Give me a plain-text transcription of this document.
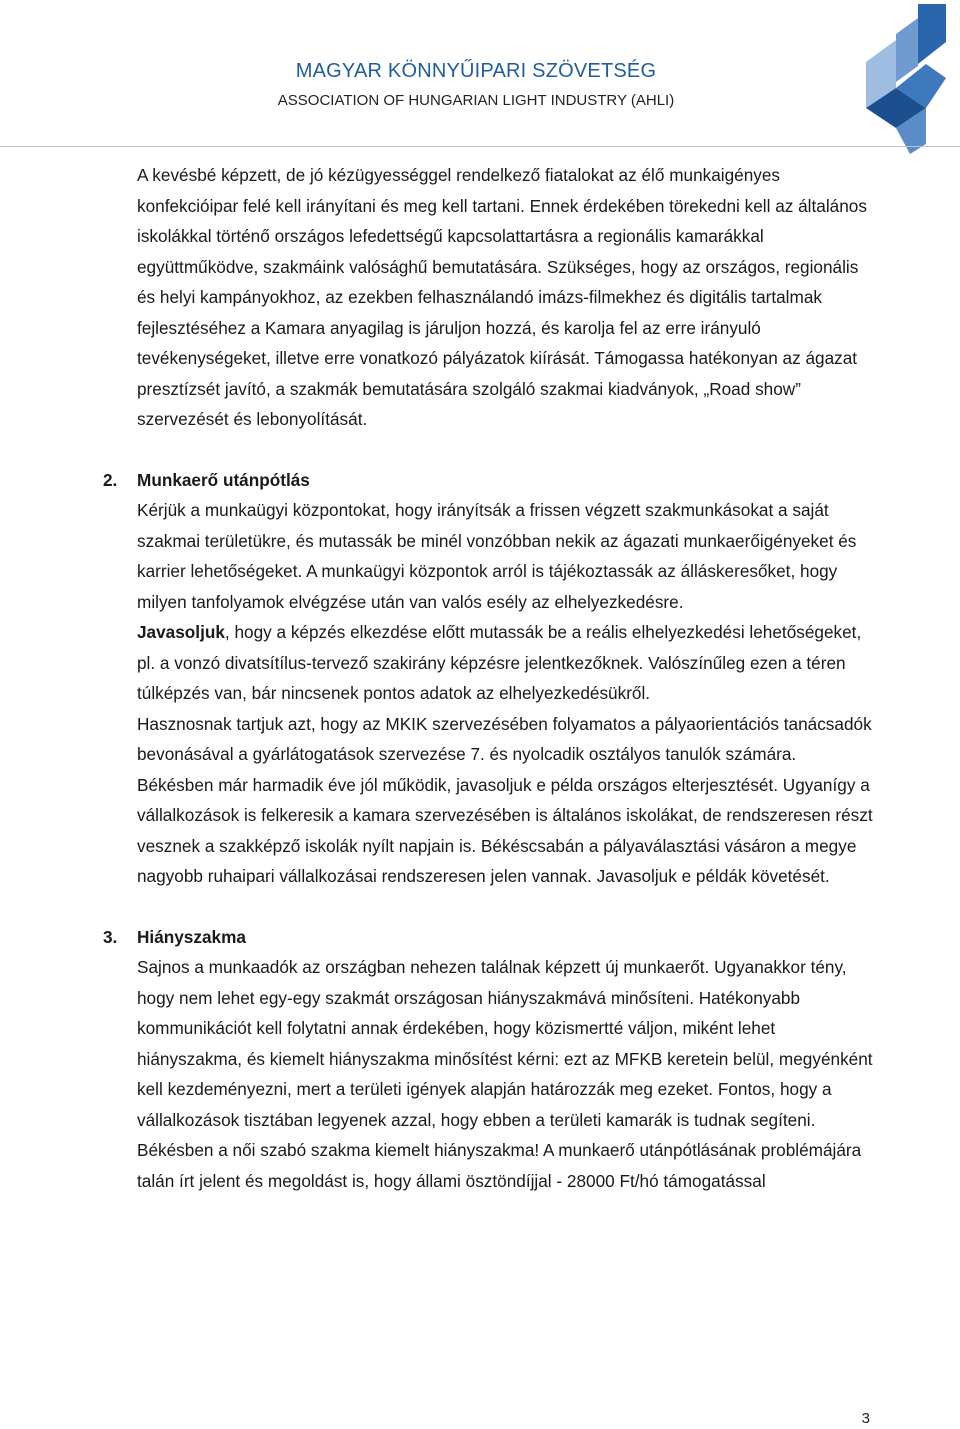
MAGYAR KÖNNYŰIPARI SZÖVETSÉG
ASSOCIATION OF HUNGARIAN LIGHT INDUSTRY (AHLI)

A kevésbé képzett, de jó kézügyességgel rendelkező fiatalokat az élő munkaigényes konfekcióipar felé kell irányítani és meg kell tartani. Ennek érdekében törekedni kell az általános iskolákkal történő országos lefedettségű kapcsolattartásra a regionális kamarákkal együttműködve, szakmáink valósághű bemutatására. Szükséges, hogy az országos, regionális és helyi kampányokhoz, az ezekben felhasználandó imázs-filmekhez és digitális tartalmak fejlesztéséhez a Kamara anyagilag is járuljon hozzá, és karolja fel az erre irányuló tevékenységeket, illetve erre vonatkozó pályázatok kiírását. Támogassa hatékonyan az ágazat presztízsét javító, a szakmák bemutatására szolgáló szakmai kiadványok, „Road show” szervezését és lebonyolítását.

2. Munkaerő utánpótlás

Kérjük a munkaügyi központokat, hogy irányítsák a frissen végzett szakmunkásokat a saját szakmai területükre, és mutassák be minél vonzóbban nekik az ágazati munkaerőigényeket és karrier lehetőségeket. A munkaügyi központok arról is tájékoztassák az álláskeresőket, hogy milyen tanfolyamok elvégzése után van valós esély az elhelyezkedésre.

Javasoljuk, hogy a képzés elkezdése előtt mutassák be a reális elhelyezkedési lehetőségeket, pl. a vonzó divatsítílus-tervező szakirány képzésre jelentkezőknek. Valószínűleg ezen a téren túlképzés van, bár nincsenek pontos adatok az elhelyezkedésükről.

Hasznosnak tartjuk azt, hogy az MKIK szervezésében folyamatos a pályaorientációs tanácsadók bevonásával a gyárlátogatások szervezése 7. és nyolcadik osztályos tanulók számára. Békésben már harmadik éve jól működik, javasoljuk e példa országos elterjesztését. Ugyanígy a vállalkozások is felkeresik a kamara szervezésében is általános iskolákat, de rendszeresen részt vesznek a szakképző iskolák nyílt napjain is. Békéscsabán a pályaválasztási vásáron a megye nagyobb ruhaipari vállalkozásai rendszeresen jelen vannak. Javasoljuk e példák követését.

3. Hiányszakma

Sajnos a munkaadók az országban nehezen találnak képzett új munkaerőt. Ugyanakkor tény, hogy nem lehet egy-egy szakmát országosan hiányszakmává minősíteni. Hatékonyabb kommunikációt kell folytatni annak érdekében, hogy közismertté váljon, miként lehet hiányszakma, és kiemelt hiányszakma minősítést kérni: ezt az MFKB keretein belül, megyénként kell kezdeményezni, mert a területi igények alapján határozzák meg ezeket. Fontos, hogy a vállalkozások tisztában legyenek azzal, hogy ebben a területi kamarák is tudnak segíteni. Békésben a női szabó szakma kiemelt hiányszakma! A munkaerő utánpótlásának problémájára talán írt jelent és megoldást is, hogy állami ösztöndíjjal - 28000 Ft/hó támogatással

3
